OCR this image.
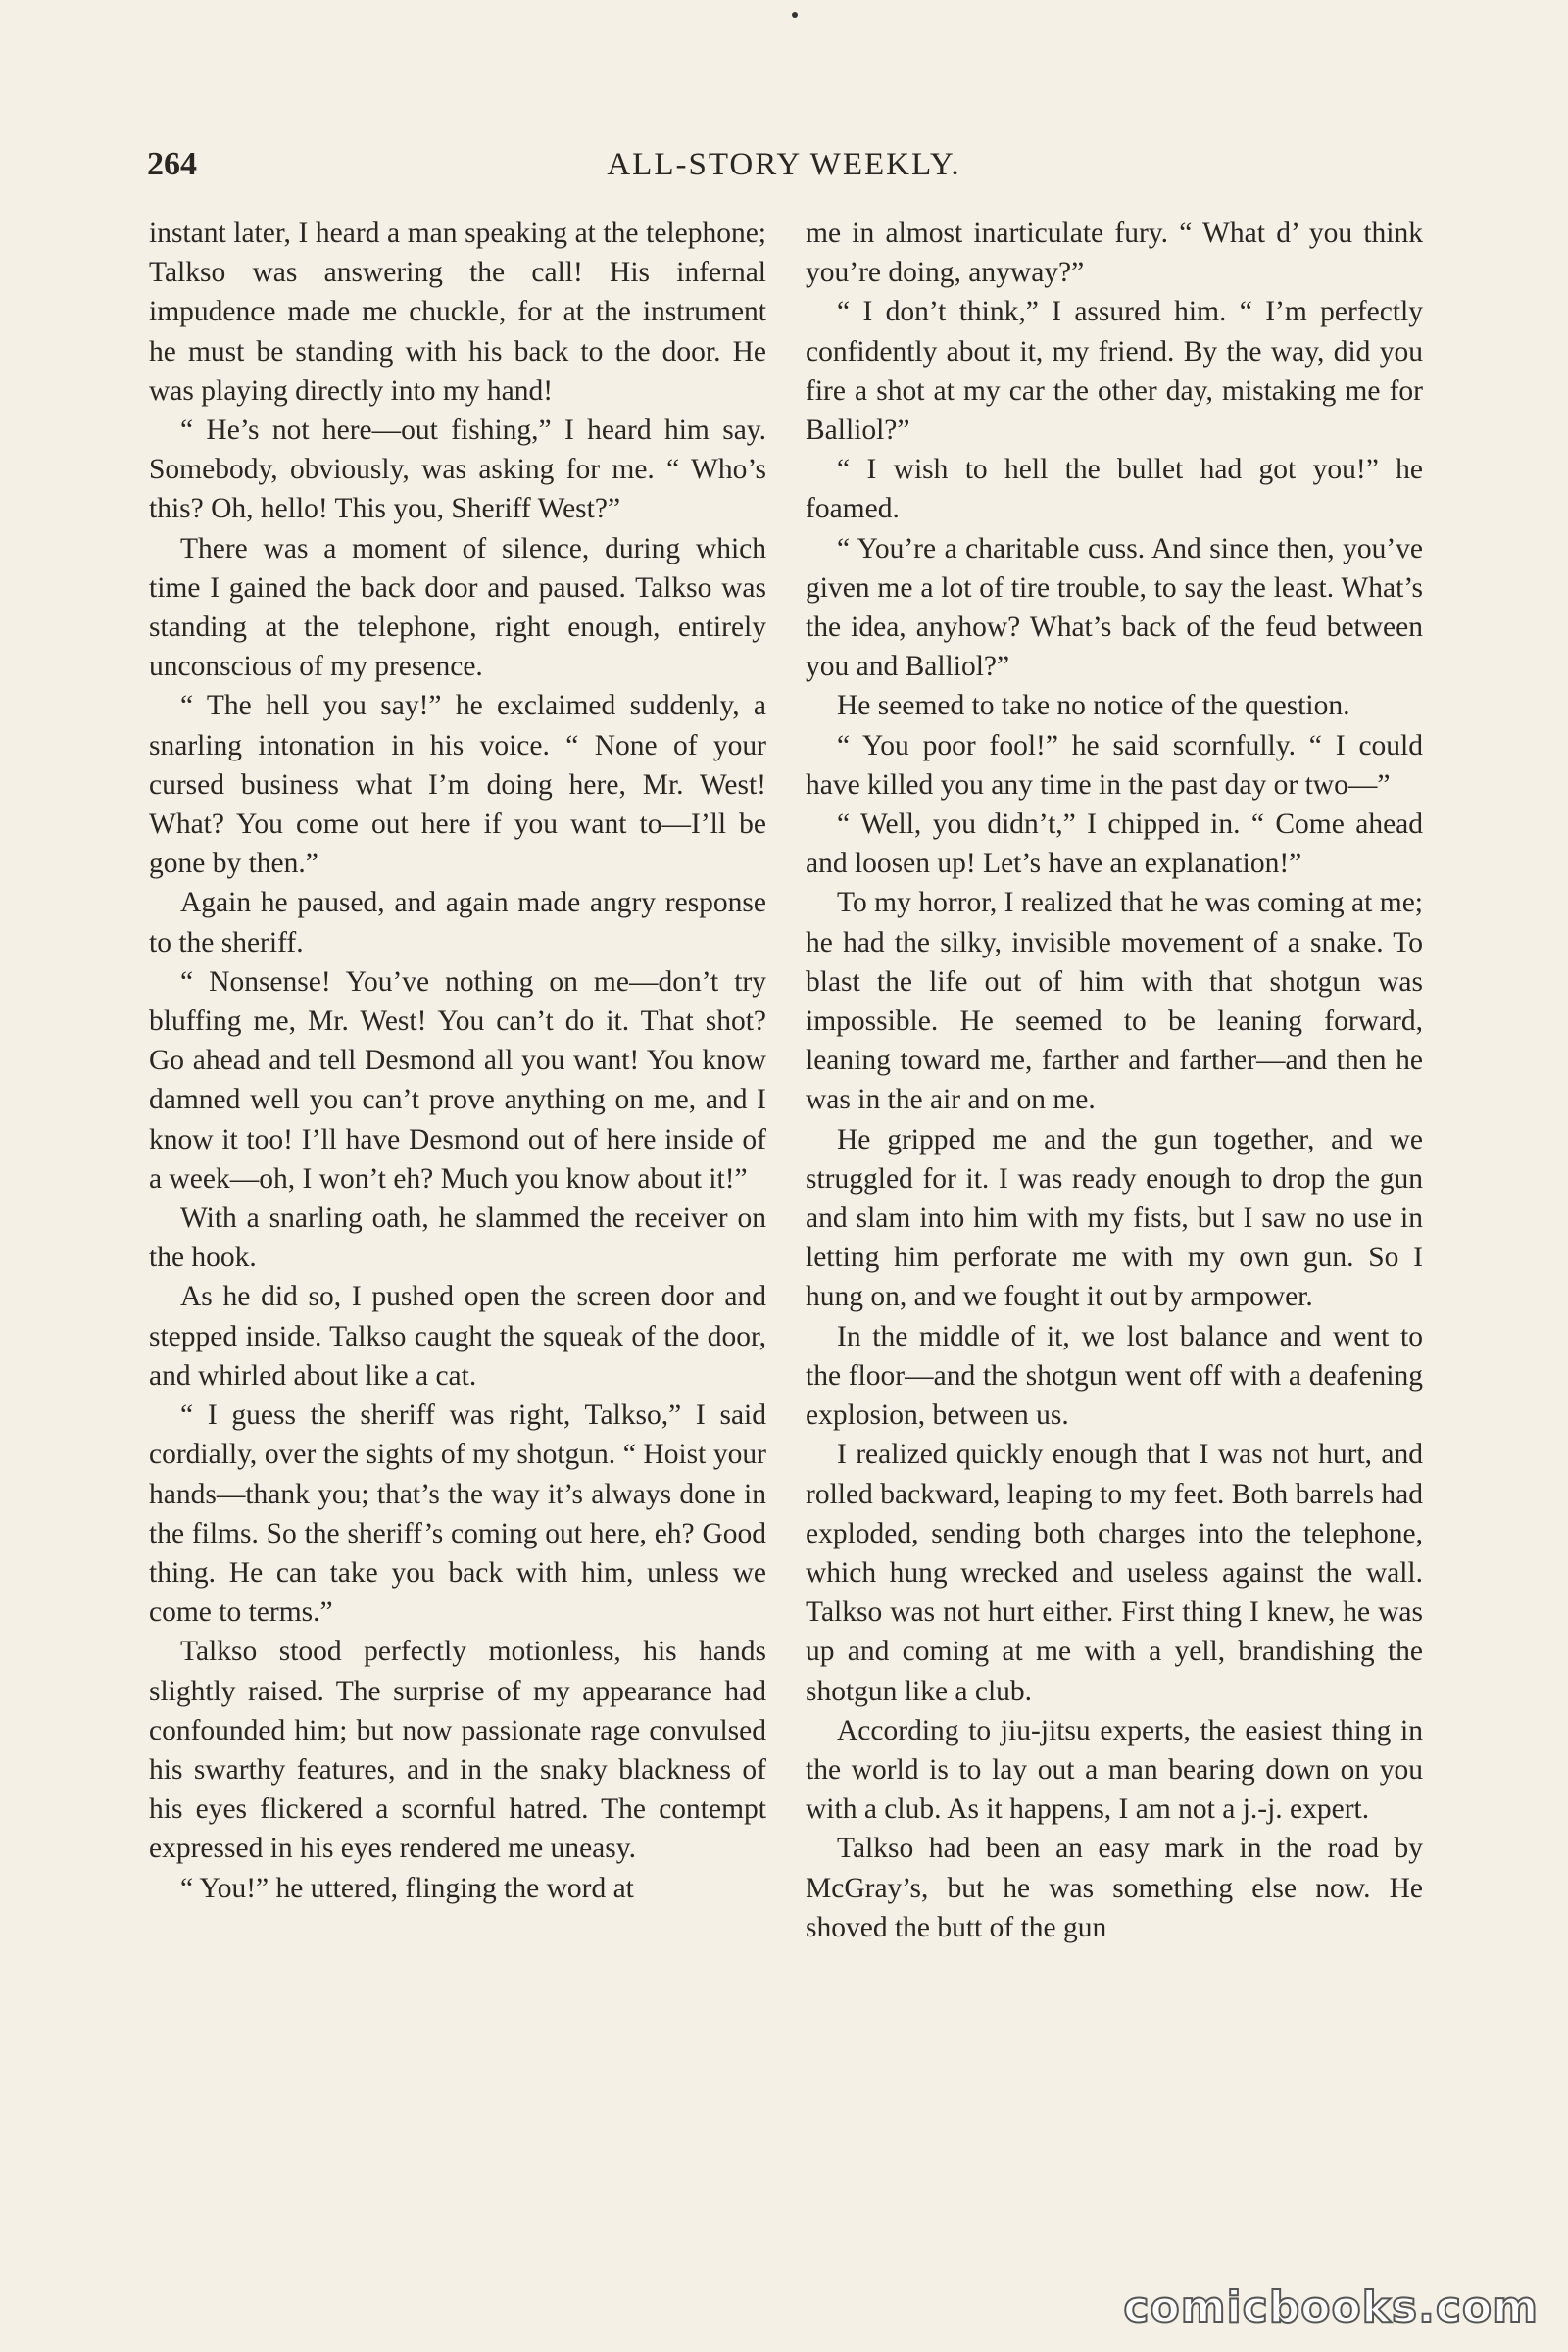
264	ALL-STORY WEEKLY.

instant later, I heard a man speaking at the telephone; Talkso was answering the call! His infernal impudence made me chuckle, for at the instrument he must be standing with his back to the door. He was playing directly into my hand!

“ He’s not here—out fishing,” I heard him say. Somebody, obviously, was asking for me. “ Who’s this? Oh, hello! This you, Sheriff West?”

There was a moment of silence, during which time I gained the back door and paused. Talkso was standing at the telephone, right enough, entirely unconscious of my presence.

“ The hell you say!” he exclaimed suddenly, a snarling intonation in his voice. “ None of your cursed business what I’m doing here, Mr. West! What? You come out here if you want to—I’ll be gone by then.”

Again he paused, and again made angry response to the sheriff.

“ Nonsense! You’ve nothing on me—don’t try bluffing me, Mr. West! You can’t do it. That shot? Go ahead and tell Desmond all you want! You know damned well you can’t prove anything on me, and I know it too! I’ll have Desmond out of here inside of a week—oh, I won’t eh? Much you know about it!”

With a snarling oath, he slammed the receiver on the hook.

As he did so, I pushed open the screen door and stepped inside. Talkso caught the squeak of the door, and whirled about like a cat.

“ I guess the sheriff was right, Talkso,” I said cordially, over the sights of my shotgun. “ Hoist your hands—thank you; that’s the way it’s always done in the films. So the sheriff’s coming out here, eh? Good thing. He can take you back with him, unless we come to terms.”

Talkso stood perfectly motionless, his hands slightly raised. The surprise of my appearance had confounded him; but now passionate rage convulsed his swarthy features, and in the snaky blackness of his eyes flickered a scornful hatred. The contempt expressed in his eyes rendered me uneasy.

“ You!” he uttered, flinging the word at

me in almost inarticulate fury. “ What d’ you think you’re doing, anyway?”

“ I don’t think,” I assured him. “ I’m perfectly confidently about it, my friend. By the way, did you fire a shot at my car the other day, mistaking me for Balliol?”

“ I wish to hell the bullet had got you!” he foamed.

“ You’re a charitable cuss. And since then, you’ve given me a lot of tire trouble, to say the least. What’s the idea, anyhow? What’s back of the feud between you and Balliol?”

He seemed to take no notice of the question.

“ You poor fool!” he said scornfully. “ I could have killed you any time in the past day or two—”

“ Well, you didn’t,” I chipped in. “ Come ahead and loosen up! Let’s have an explanation!”

To my horror, I realized that he was coming at me; he had the silky, invisible movement of a snake. To blast the life out of him with that shotgun was impossible. He seemed to be leaning forward, leaning toward me, farther and farther—and then he was in the air and on me.

He gripped me and the gun together, and we struggled for it. I was ready enough to drop the gun and slam into him with my fists, but I saw no use in letting him perforate me with my own gun. So I hung on, and we fought it out by armpower.

In the middle of it, we lost balance and went to the floor—and the shotgun went off with a deafening explosion, between us.

I realized quickly enough that I was not hurt, and rolled backward, leaping to my feet. Both barrels had exploded, sending both charges into the telephone, which hung wrecked and useless against the wall. Talkso was not hurt either. First thing I knew, he was up and coming at me with a yell, brandishing the shotgun like a club.

According to jiu-jitsu experts, the easiest thing in the world is to lay out a man bearing down on you with a club. As it happens, I am not a j.-j. expert.

Talkso had been an easy mark in the road by McGray’s, but he was something else now. He shoved the butt of the gun

comicbooks.com
